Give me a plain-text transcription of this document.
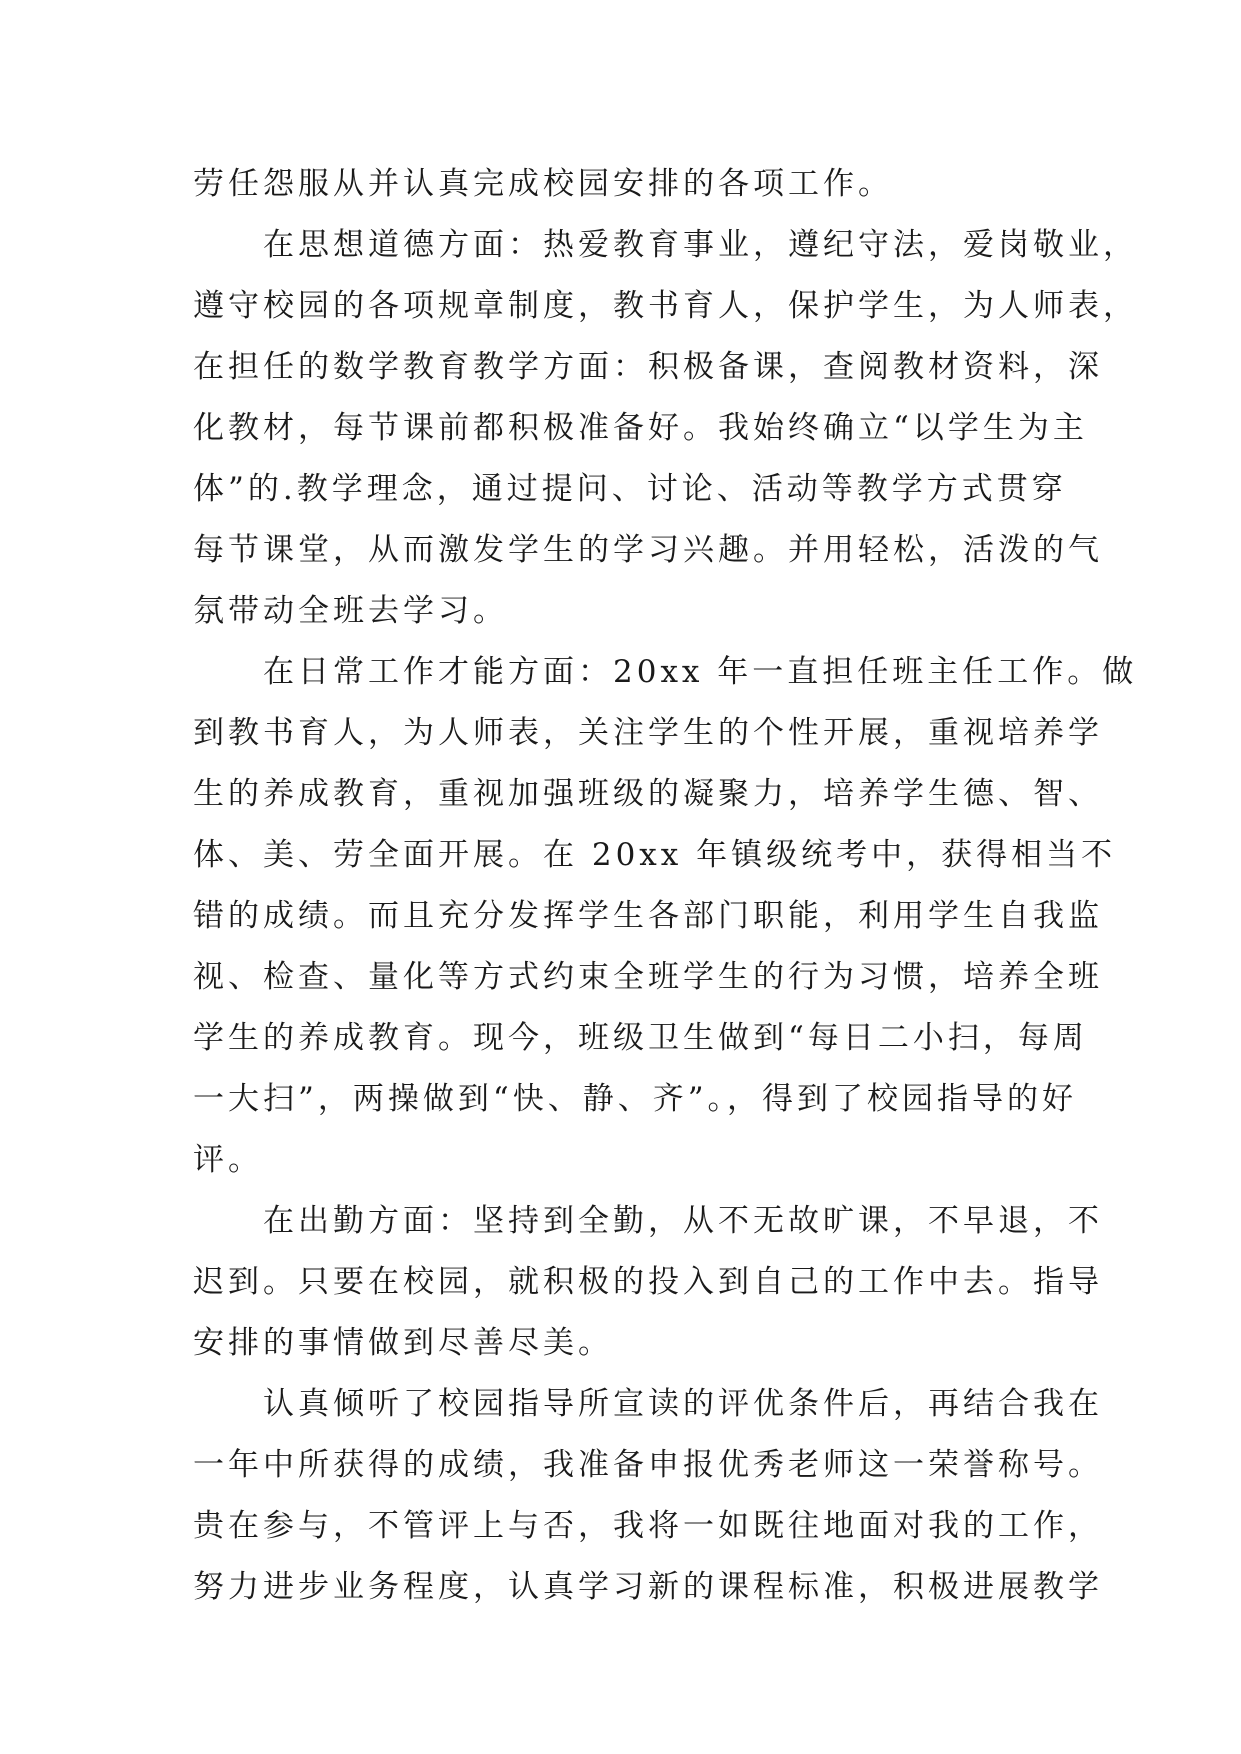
劳任怨服从并认真完成校园安排的各项工作。
在思想道德方面：热爱教育事业，遵纪守法，爱岗敬业，
遵守校园的各项规章制度，教书育人，保护学生，为人师表，
在担任的数学教育教学方面：积极备课，查阅教材资料，深
化教材，每节课前都积极准备好。我始终确立“以学生为主
体”的.教学理念，通过提问、讨论、活动等教学方式贯穿
每节课堂，从而激发学生的学习兴趣。并用轻松，活泼的气
氛带动全班去学习。
在日常工作才能方面：20xx 年一直担任班主任工作。做
到教书育人，为人师表，关注学生的个性开展，重视培养学
生的养成教育，重视加强班级的凝聚力，培养学生德、智、
体、美、劳全面开展。在 20xx 年镇级统考中，获得相当不
错的成绩。而且充分发挥学生各部门职能，利用学生自我监
视、检查、量化等方式约束全班学生的行为习惯，培养全班
学生的养成教育。现今，班级卫生做到“每日二小扫，每周
一大扫”，两操做到“快、静、齐”。，得到了校园指导的好
评。
在出勤方面：坚持到全勤，从不无故旷课，不早退，不
迟到。只要在校园，就积极的投入到自己的工作中去。指导
安排的事情做到尽善尽美。
认真倾听了校园指导所宣读的评优条件后，再结合我在
一年中所获得的成绩，我准备申报优秀老师这一荣誉称号。
贵在参与，不管评上与否，我将一如既往地面对我的工作，
努力进步业务程度，认真学习新的课程标准，积极进展教学
